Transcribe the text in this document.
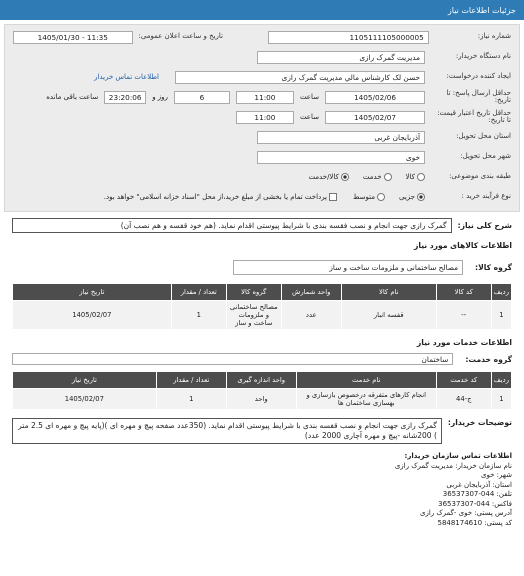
جزئیات اطلاعات نیاز
شماره نیاز:
1105111105000005
تاریخ و ساعت اعلان عمومی:
1405/01/30 - 11:35
نام دستگاه خریدار:
مدیریت گمرک رازی
ایجاد کننده درخواست:
حسن لک کارشناس مالي مديريت گمرک رازی
اطلاعات تماس خریدار
حداقل ارسال پاسخ: تا تاریخ:
1405/02/06
ساعت
11:00
6
روز و
23:20:06
ساعت باقی مانده
حداقل تاریخ اعتبار قیمت: تا تاریخ:
1405/02/07
ساعت
11:00
استان محل تحویل:
آذربایجان غربی
شهر محل تحویل:
خوی
طبقه بندی موضوعی:
کالا
خدمت
کالا/خدمت
نوع فرآیند خرید :
جزیی
متوسط
پرداخت تمام یا بخشی از مبلغ خرید،از محل "اسناد خزانه اسلامی" خواهد بود.
شرح کلی نیاز:
گمرک رازی جهت انجام و نصب فقسه بندی با شرایط پیوستی اقدام نماید. (هم خود قفسه و هم نصب آن)
اطلاعات کالاهای مورد نیاز
گروه کالا:
مصالح ساختمانی و ملزومات ساخت و ساز
ردیف	کد کالا	نام کالا	واحد شمارش	گروه کالا	تعداد / مقدار	تاریخ نیاز
1	--	قفسه انبار	عدد	مصالح ساختمانی و ملزومات ساخت و ساز	1	1405/02/07
اطلاعات خدمات مورد نیاز
گروه خدمت:
ساختمان
ردیف	کد خدمت	نام خدمت	واحد اندازه گیری	تعداد / مقدار	تاریخ نیاز
1	ج-44	انجام کارهای متفرقه درخصوص بازسازی و بهسازی ساختمان ها	واحد	1	1405/02/07
توضیحات خریدار:
گمرک رازی جهت انجام و نصب قفسه بندی با شرایط پیوستی اقدام نماید. (350عدد صفحه پیچ و مهره ای )(پایه پیچ و مهره ای 2.5 متر ) 200شانه -پیچ و مهره آچاری 2000 عدد)

اطلاعات تماس سازمان خریدار:

نام سازمان خریدار: مدیریت گمرک رازی

شهر: خوی

استان: آذربایجان غربی

تلفن: 044-36537307

فاکس: 044-36537307

آدرس پستی: خوی -گمرک رازی

کد پستی: 5848174610
